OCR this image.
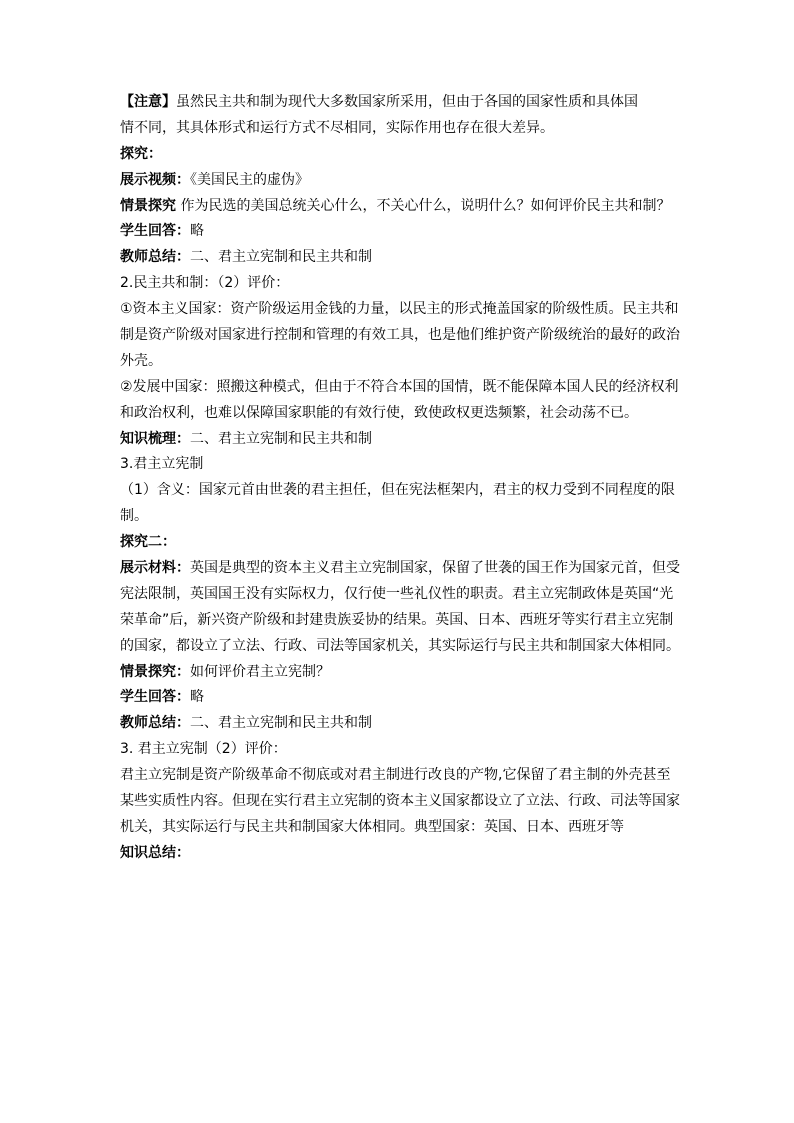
【注意】虽然民主共和制为现代大多数国家所采用，但由于各国的国家性质和具体国
情不同，其具体形式和运行方式不尽相同，实际作用也存在很大差异。
探究：
展示视频：《美国民主的虚伪》
情景探究 作为民选的美国总统关心什么，不关心什么，说明什么？如何评价民主共和制？
学生回答：略
教师总结：二、君主立宪制和民主共和制
2.民主共和制：（2）评价：
①资本主义国家：资产阶级运用金钱的力量，以民主的形式掩盖国家的阶级性质。民主共和
制是资产阶级对国家进行控制和管理的有效工具，也是他们维护资产阶级统治的最好的政治
外壳。
②发展中国家：照搬这种模式，但由于不符合本国的国情，既不能保障本国人民的经济权利
和政治权利，也难以保障国家职能的有效行使，致使政权更迭频繁，社会动荡不已。
知识梳理：二、君主立宪制和民主共和制
3.君主立宪制
（1）含义：国家元首由世袭的君主担任，但在宪法框架内，君主的权力受到不同程度的限
制。
探究二：
展示材料：英国是典型的资本主义君主立宪制国家，保留了世袭的国王作为国家元首，但受
宪法限制，英国国王没有实际权力，仅行使一些礼仪性的职责。君主立宪制政体是英国“光
荣革命”后，新兴资产阶级和封建贵族妥协的结果。英国、日本、西班牙等实行君主立宪制
的国家，都设立了立法、行政、司法等国家机关，其实际运行与民主共和制国家大体相同。
情景探究：如何评价君主立宪制？
学生回答：略
教师总结：二、君主立宪制和民主共和制
3. 君主立宪制（2）评价：
君主立宪制是资产阶级革命不彻底或对君主制进行改良的产物,它保留了君主制的外壳甚至
某些实质性内容。但现在实行君主立宪制的资本主义国家都设立了立法、行政、司法等国家
机关，其实际运行与民主共和制国家大体相同。典型国家：英国、日本、西班牙等
知识总结：
